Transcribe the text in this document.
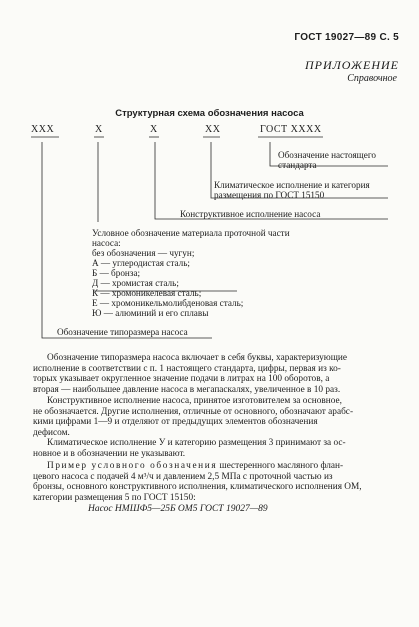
ГОСТ 19027—89 С. 5
ПРИЛОЖЕНИЕ
Справочное
Структурная схема обозначения насоса
XXX	X	X	XX	ГОСТ XXXX
Обозначение настоящего
стандарта
Климатическое исполнение и категория
размещения по ГОСТ 15150
Конструктивное исполнение насоса
Условное обозначение материала проточной части
насоса:
без обозначения — чугун;
А — углеродистая сталь;
Б — бронза;
Д — хромистая сталь;
К — хромоникелевая сталь;
Е — хромоникельмолибденовая сталь;
Ю — алюминий и его сплавы
Обозначение типоразмера насоса

Обозначение типоразмера насоса включает в себя буквы, характеризующие

исполнение в соответствии с п. 1 настоящего стандарта, цифры, первая из ко-
торых указывает округленное значение подачи в литрах на 100 оборотов, а
вторая — наибольшее давление насоса в мегапаскалях, увеличенное в 10 раз.

Конструктивное исполнение насоса, принятое изготовителем за основное,

не обозначается. Другие исполнения, отличные от основного, обозначают арабс-
кими цифрами 1—9 и отделяют от предыдущих элементов обозначения
дефисом.

Климатическое исполнение У и категорию размещения 3 принимают за ос-

новное и в обозначении не указывают.

Пример условного обозначения шестеренного масляного флан-

цевого насоса с подачей 4 м³/ч и давлением 2,5 МПа с проточной частью из
бронзы, основного конструктивного исполнения, климатического исполнения ОМ,
категории размещения 5 по ГОСТ 15150:
Насос НМШФ5—25Б ОМ5 ГОСТ 19027—89
